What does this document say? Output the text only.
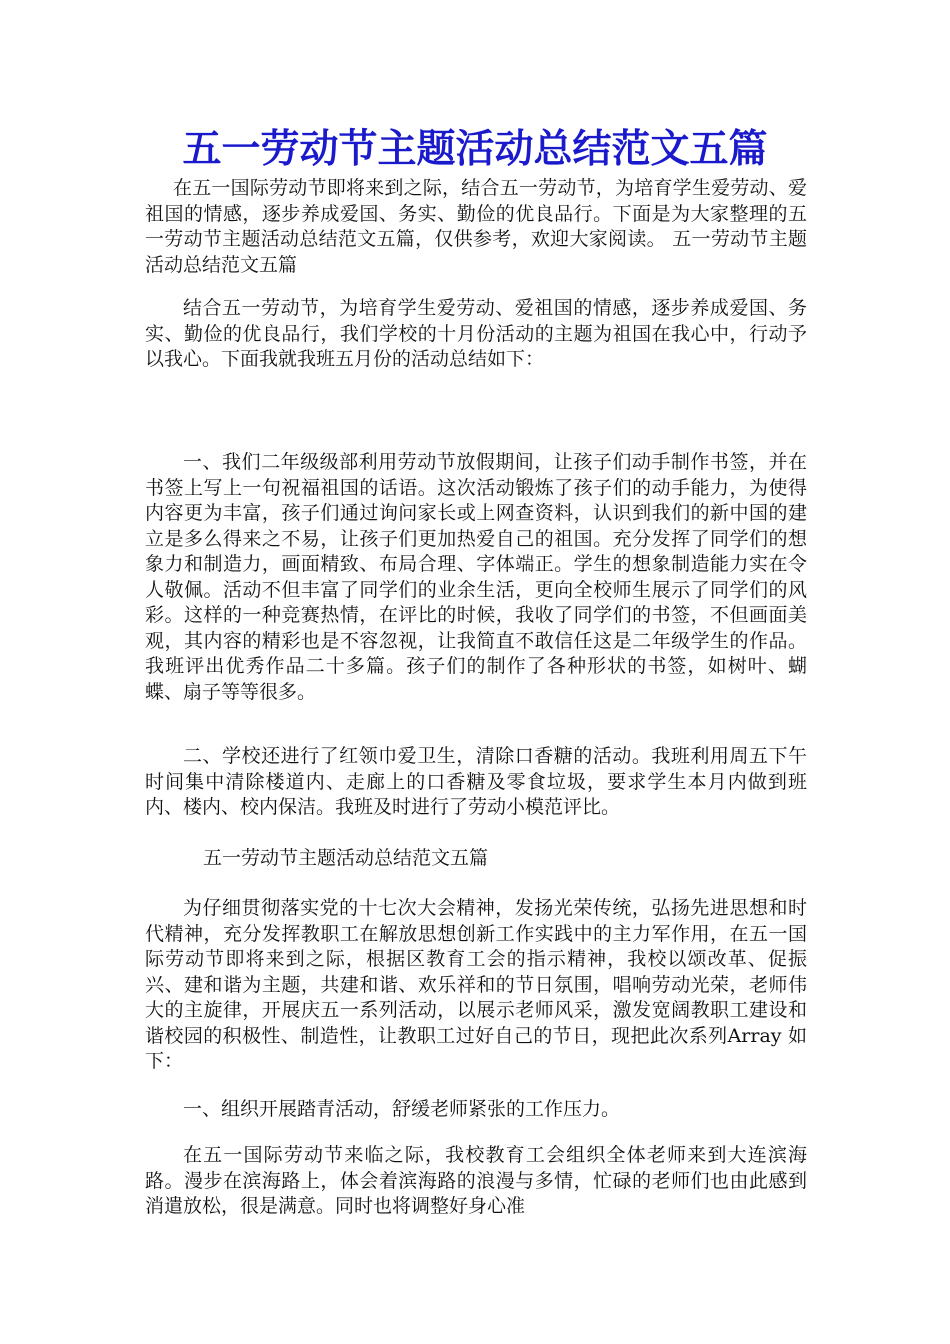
五一劳动节主题活动总结范文五篇
在五一国际劳动节即将来到之际，结合五一劳动节，为培育学生爱劳动、爱祖国的情感，逐步养成爱国、务实、勤俭的优良品行。下面是为大家整理的五一劳动节主题活动总结范文五篇，仅供参考，欢迎大家阅读。 五一劳动节主题活动总结范文五篇
结合五一劳动节，为培育学生爱劳动、爱祖国的情感，逐步养成爱国、务实、勤俭的优良品行，我们学校的十月份活动的主题为祖国在我心中，行动予以我心。下面我就我班五月份的活动总结如下：
一、我们二年级级部利用劳动节放假期间，让孩子们动手制作书签，并在书签上写上一句祝福祖国的话语。这次活动锻炼了孩子们的动手能力，为使得内容更为丰富，孩子们通过询问家长或上网查资料，认识到我们的新中国的建立是多么得来之不易，让孩子们更加热爱自己的祖国。充分发挥了同学们的想象力和制造力，画面精致、布局合理、字体端正。学生的想象制造能力实在令人敬佩。活动不但丰富了同学们的业余生活，更向全校师生展示了同学们的风彩。这样的一种竞赛热情，在评比的时候，我收了同学们的书签，不但画面美观，其内容的精彩也是不容忽视，让我简直不敢信任这是二年级学生的作品。我班评出优秀作品二十多篇。孩子们的制作了各种形状的书签，如树叶、蝴蝶、扇子等等很多。
二、学校还进行了红领巾爱卫生，清除口香糖的活动。我班利用周五下午时间集中清除楼道内、走廊上的口香糖及零食垃圾，要求学生本月内做到班内、楼内、校内保洁。我班及时进行了劳动小模范评比。
五一劳动节主题活动总结范文五篇
为仔细贯彻落实党的十七次大会精神，发扬光荣传统，弘扬先进思想和时代精神，充分发挥教职工在解放思想创新工作实践中的主力军作用，在五一国际劳动节即将来到之际，根据区教育工会的指示精神，我校以颂改革、促振兴、建和谐为主题，共建和谐、欢乐祥和的节日氛围，唱响劳动光荣，老师伟大的主旋律，开展庆五一系列活动，以展示老师风采，激发宽阔教职工建设和谐校园的积极性、制造性，让教职工过好自己的节日，现把此次系列Array 如下：
一、组织开展踏青活动，舒缓老师紧张的工作压力。
在五一国际劳动节来临之际，我校教育工会组织全体老师来到大连滨海路。漫步在滨海路上，体会着滨海路的浪漫与多情，忙碌的老师们也由此感到消遣放松，很是满意。同时也将调整好身心准
